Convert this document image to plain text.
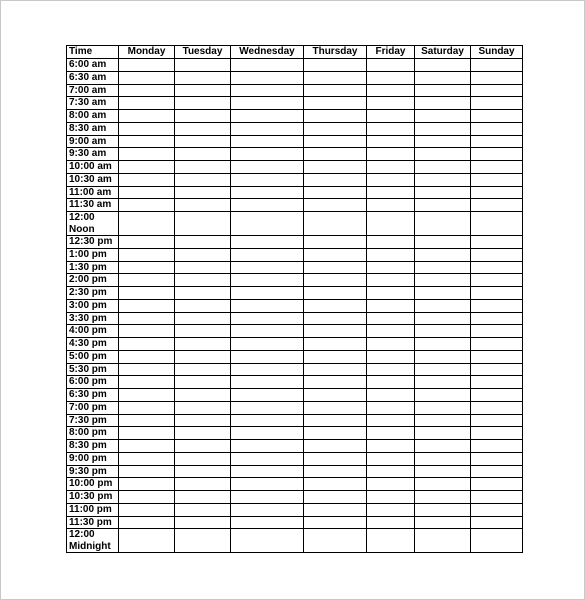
Time	Monday	Tuesday	Wednesday	Thursday	Friday	Saturday	Sunday
6:00 am							
6:30 am							
7:00 am							
7:30 am							
8:00 am							
8:30 am							
9:00 am							
9:30 am							
10:00 am							
10:30 am							
11:00 am							
11:30 am							
12:00 Noon							
12:30 pm							
1:00 pm							
1:30 pm							
2:00 pm							
2:30 pm							
3:00 pm							
3:30 pm							
4:00 pm							
4:30 pm							
5:00 pm							
5:30 pm							
6:00 pm							
6:30 pm							
7:00 pm							
7:30 pm							
8:00 pm							
8:30 pm							
9:00 pm							
9:30 pm							
10:00 pm							
10:30 pm							
11:00 pm							
11:30 pm							
12:00 Midnight							
